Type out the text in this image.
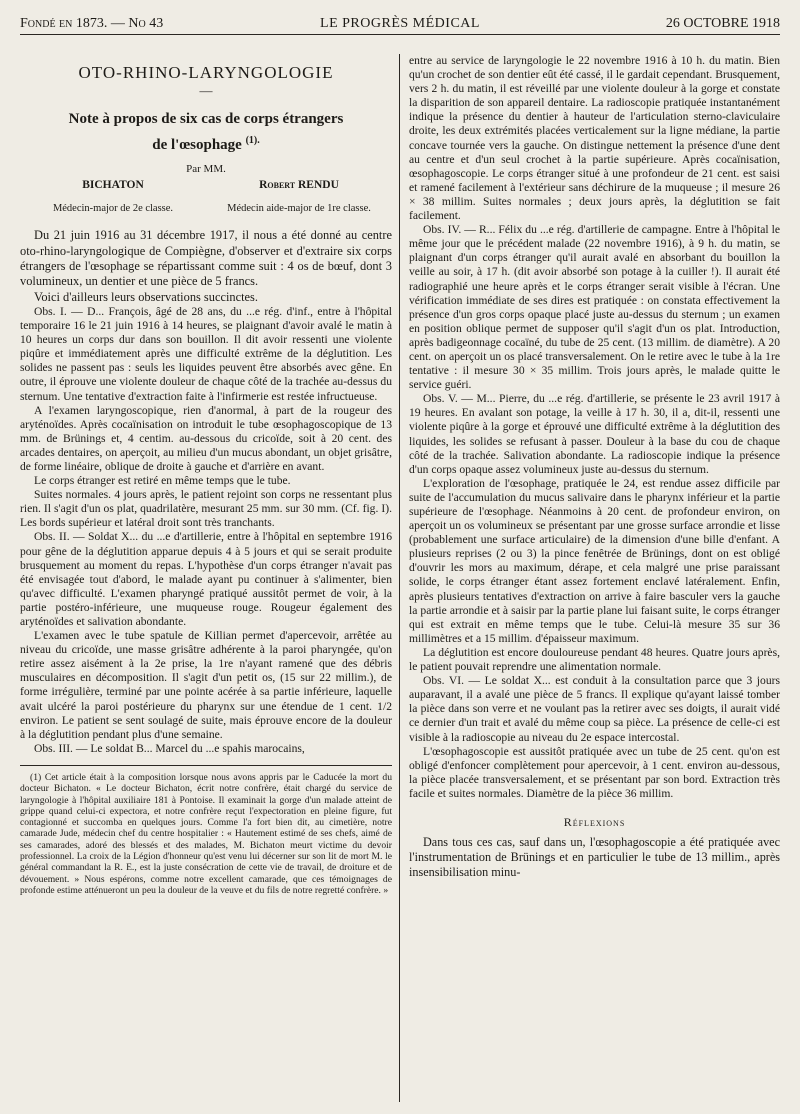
Fondé en 1873. — No 43	LE PROGRÈS MÉDICAL	26 OCTOBRE 1918
OTO-RHINO-LARYNGOLOGIE
—
Note à propos de six cas de corps étrangers
de l'œsophage $^{(1).}$
Par MM.
BICHATON
Médecin-major de 2e classe.
Robert RENDU
Médecin aide-major de 1re classe.

Du 21 juin 1916 au 31 décembre 1917, il nous a été donné au centre oto-rhino-laryngologique de Compiègne, d'observer et d'extraire six corps étrangers de l'œsophage se répartissant comme suit : 4 os de bœuf, dont 3 volumineux, un dentier et une pièce de 5 francs.

Voici d'ailleurs leurs observations succinctes.

Obs. I. — D... François, âgé de 28 ans, du ...e rég. d'inf., entre à l'hôpital temporaire 16 le 21 juin 1916 à 14 heures, se plaignant d'avoir avalé le matin à 10 heures un corps dur dans son bouillon. Il dit avoir ressenti une violente piqûre et immédiatement après une difficulté extrême de la déglutition. Les solides ne passent pas : seuls les liquides peuvent être absorbés avec gêne. En outre, il éprouve une violente douleur de chaque côté de la trachée au-dessus du sternum. Une tentative d'extraction faite à l'infirmerie est restée infructueuse.

A l'examen laryngoscopique, rien d'anormal, à part de la rougeur des aryténoïdes. Après cocaïnisation on introduit le tube œsophagoscopique de 13 mm. de Brünings et, 4 centim. au-dessous du cricoïde, soit à 20 cent. des arcades dentaires, on aperçoit, au milieu d'un mucus abondant, un objet grisâtre, de forme linéaire, oblique de droite à gauche et d'arrière en avant.

Le corps étranger est retiré en même temps que le tube.

Suites normales. 4 jours après, le patient rejoint son corps ne ressentant plus rien. Il s'agit d'un os plat, quadrilatère, mesurant 25 mm. sur 30 mm. (Cf. fig. I). Les bords supérieur et latéral droit sont très tranchants.

Obs. II. — Soldat X... du ...e d'artillerie, entre à l'hôpital en septembre 1916 pour gêne de la déglutition apparue depuis 4 à 5 jours et qui se serait produite brusquement au moment du repas. L'hypothèse d'un corps étranger n'avait pas été envisagée tout d'abord, le malade ayant pu continuer à s'alimenter, bien qu'avec difficulté. L'examen pharyngé pratiqué aussitôt permet de voir, à la partie postéro-inférieure, une muqueuse rouge. Rougeur également des aryténoïdes et salivation abondante.

L'examen avec le tube spatule de Killian permet d'apercevoir, arrêtée au niveau du cricoïde, une masse grisâtre adhérente à la paroi pharyngée, qu'on retire assez aisément à la 2e prise, la 1re n'ayant ramené que des débris musculaires en décomposition. Il s'agit d'un petit os, (15 sur 22 millim.), de forme irrégulière, terminé par une pointe acérée à sa partie inférieure, laquelle avait ulcéré la paroi postérieure du pharynx sur une étendue de 1 cent. 1/2 environ. Le patient se sent soulagé de suite, mais éprouve encore de la douleur à la déglutition pendant plus d'une semaine.

Obs. III. — Le soldat B... Marcel du ...e spahis marocains,

(1) Cet article était à la composition lorsque nous avons appris par le Caducée la mort du docteur Bichaton. « Le docteur Bichaton, écrit notre confrère, était chargé du service de laryngologie à l'hôpital auxiliaire 181 à Pontoise. Il examinait la gorge d'un malade atteint de grippe quand celui-ci expectora, et notre confrère reçut l'expectoration en pleine figure, fut contagionné et succomba en quelques jours. Comme l'a fort bien dit, au cimetière, notre camarade Jude, médecin chef du centre hospitalier : « Hautement estimé de ses chefs, aimé de ses camarades, adoré des blessés et des malades, M. Bichaton meurt victime du devoir professionnel. La croix de la Légion d'honneur qu'est venu lui décerner sur son lit de mort M. le général commandant la R. E., est la juste consécration de cette vie de travail, de droiture et de dévouement. » Nous espérons, comme notre excellent camarade, que ces témoignages de profonde estime atténueront un peu la douleur de la veuve et du fils de notre regretté confrère. »

entre au service de laryngologie le 22 novembre 1916 à 10 h. du matin. Bien qu'un crochet de son dentier eût été cassé, il le gardait cependant. Brusquement, vers 2 h. du matin, il est réveillé par une violente douleur à la gorge et constate la disparition de son appareil dentaire. La radioscopie pratiquée instantanément indique la présence du dentier à hauteur de l'articulation sterno-claviculaire droite, les deux extrémités placées verticalement sur la ligne médiane, la partie concave tournée vers la gauche. On distingue nettement la présence d'une dent au centre et d'un seul crochet à la partie supérieure. Après cocaïnisation, œsophagoscopie. Le corps étranger situé à une profondeur de 21 cent. est saisi et ramené facilement à l'extérieur sans déchirure de la muqueuse ; il mesure 26 × 38 millim. Suites normales ; deux jours après, la déglutition se fait facilement.

Obs. IV. — R... Félix du ...e rég. d'artillerie de campagne. Entre à l'hôpital le même jour que le précédent malade (22 novembre 1916), à 9 h. du matin, se plaignant d'un corps étranger qu'il aurait avalé en absorbant du bouillon la veille au soir, à 17 h. (dit avoir absorbé son potage à la cuiller !). Il aurait été radiographié une heure après et le corps étranger serait visible à l'écran. Une vérification immédiate de ses dires est pratiquée : on constata effectivement la présence d'un gros corps opaque placé juste au-dessus du sternum ; un examen en position oblique permet de supposer qu'il s'agit d'un os plat. Introduction, après badigeonnage cocaïné, du tube de 25 cent. (13 millim. de diamètre). A 20 cent. on aperçoit un os placé transversalement. On le retire avec le tube à la 1re tentative : il mesure 30 × 35 millim. Trois jours après, le malade quitte le service guéri.

Obs. V. — M... Pierre, du ...e rég. d'artillerie, se présente le 23 avril 1917 à 19 heures. En avalant son potage, la veille à 17 h. 30, il a, dit-il, ressenti une violente piqûre à la gorge et éprouvé une difficulté extrême à la déglutition des liquides, les solides se refusant à passer. Douleur à la base du cou de chaque côté de la trachée. Salivation abondante. La radioscopie indique la présence d'un corps opaque assez volumineux juste au-dessus du sternum.

L'exploration de l'œsophage, pratiquée le 24, est rendue assez difficile par suite de l'accumulation du mucus salivaire dans le pharynx inférieur et la partie supérieure de l'œsophage. Néanmoins à 20 cent. de profondeur environ, on aperçoit un os volumineux se présentant par une grosse surface arrondie et lisse (probablement une surface articulaire) de la dimension d'une bille d'enfant. A plusieurs reprises (2 ou 3) la pince fenêtrée de Brünings, dont on est obligé d'ouvrir les mors au maximum, dérape, et cela malgré une prise paraissant solide, le corps étranger étant assez fortement enclavé latéralement. Enfin, après plusieurs tentatives d'extraction on arrive à faire basculer vers la gauche la partie arrondie et à saisir par la partie plane lui faisant suite, le corps étranger qui est extrait en même temps que le tube. Celui-là mesure 35 sur 36 millimètres et a 15 millim. d'épaisseur maximum.

La déglutition est encore douloureuse pendant 48 heures. Quatre jours après, le patient pouvait reprendre une alimentation normale.

Obs. VI. — Le soldat X... est conduit à la consultation parce que 3 jours auparavant, il a avalé une pièce de 5 francs. Il explique qu'ayant laissé tomber la pièce dans son verre et ne voulant pas la retirer avec ses doigts, il aurait vidé ce dernier d'un trait et avalé du même coup sa pièce. La présence de celle-ci est visible à la radioscopie au niveau du 2e espace intercostal.

L'œsophagoscopie est aussitôt pratiquée avec un tube de 25 cent. qu'on est obligé d'enfoncer complètement pour apercevoir, à 1 cent. environ au-dessous, la pièce placée transversalement, et se présentant par son bord. Extraction très facile et suites normales. Diamètre de la pièce 36 millim.

Réflexions

Dans tous ces cas, sauf dans un, l'œsophagoscopie a été pratiquée avec l'instrumentation de Brünings et en particulier le tube de 13 millim., après insensibilisation minu-
